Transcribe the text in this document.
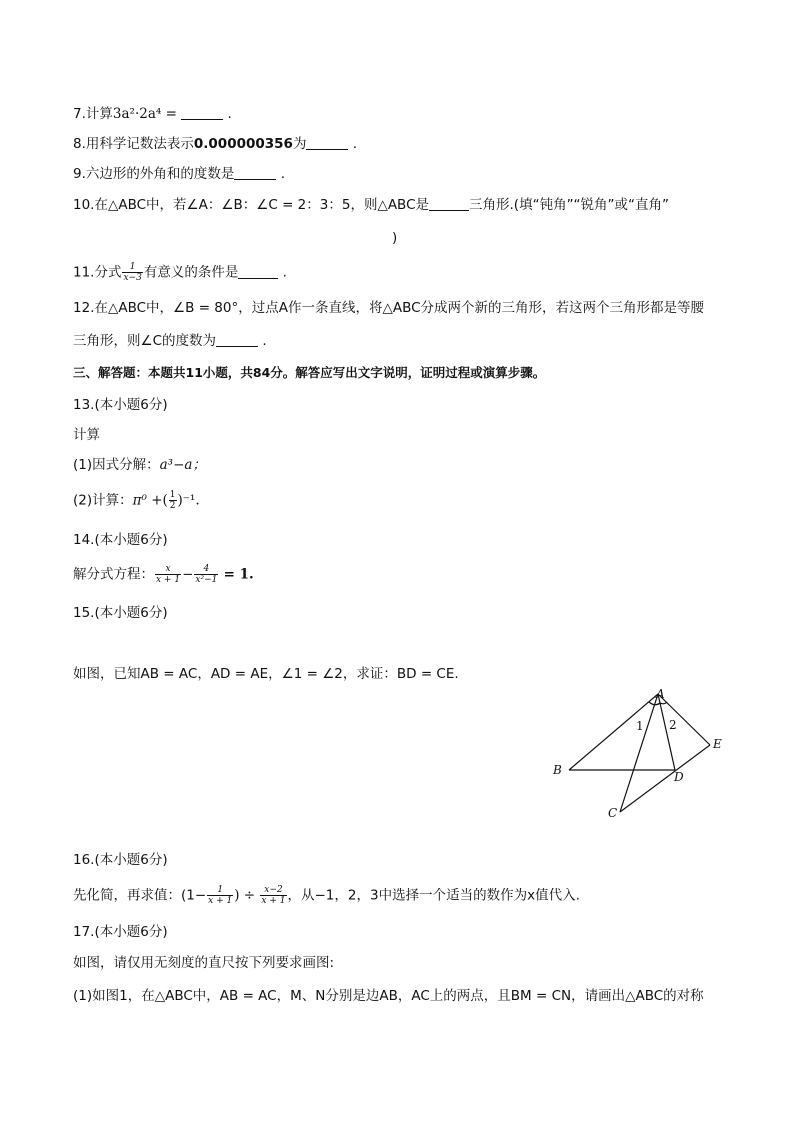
7.计算3a²·2a⁴ =	.
8.用科学记数法表示0.000000356为	.
9.六边形的外角和的度数是	.
10.在△ABC中，若∠A：∠B：∠C = 2：3：5，则△ABC是	三角形.(填“钝角”“锐角”或“直角”
)
11.分式 $\frac{1}{x-3}$ 有意义的条件是	.
12.在△ABC中，∠B = 80°，过点A作一条直线，将△ABC分成两个新的三角形，若这两个三角形都是等腰
三角形，则∠C的度数为	.
三、解答题：本题共11小题，共84分。解答应写出文字说明，证明过程或演算步骤。
13.(本小题6分)
计算
(1)因式分解：a³−a；
(2)计算：π⁰ +( $\frac{1}{2} )^{-1}$.
14.(本小题6分)
解分式方程： $\frac{x}{x + 1} - \frac{4}{\text{x²−1}} = 1$.
15.(本小题6分)
如图，已知AB = AC，AD = AE，∠1 = ∠2，求证：BD = CE.
A
B
C
D
E
1 2
16.(本小题6分)
先化简，再求值：($1- \frac{1}{x + 1}$ ) ÷ $\frac{x-2}{x + 1}$ ，从−1，2，3中选择一个适当的数作为x值代入.
17.(本小题6分)
如图，请仅用无刻度的直尺按下列要求画图:
(1)如图1，在△ABC中，AB = AC，M、N分别是边AB，AC上的两点，且BM = CN，请画出△ABC的对称
